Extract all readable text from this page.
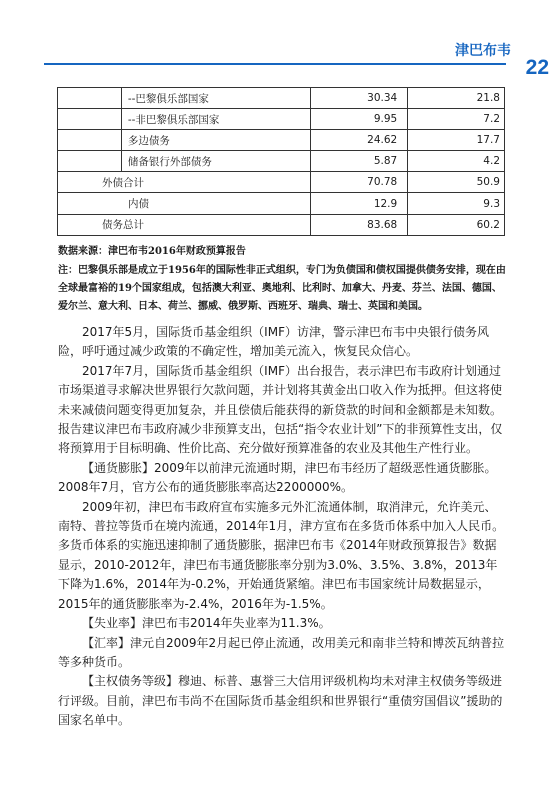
津巴布韦
22
	--巴黎俱乐部国家	30.34	21.8
	--非巴黎俱乐部国家	9.95	7.2
	多边债务	24.62	17.7
	储备银行外部债务	5.87	4.2
外债合计		70.78	50.9
内债		12.9	9.3
债务总计		83.68	60.2
数据来源：津巴布韦2016年财政预算报告
注：巴黎俱乐部是成立于1956年的国际性非正式组织，专门为负债国和债权国提供债务安排，现在由全球最富裕的19个国家组成，包括澳大利亚、奥地利、比利时、加拿大、丹麦、芬兰、法国、德国、爱尔兰、意大利、日本、荷兰、挪威、俄罗斯、西班牙、瑞典、瑞士、英国和美国。

2017年5月，国际货币基金组织（IMF）访津，警示津巴布韦中央银行债务风险，呼吁通过减少政策的不确定性，增加美元流入，恢复民众信心。

2017年7月，国际货币基金组织（IMF）出台报告，表示津巴布韦政府计划通过市场渠道寻求解决世界银行欠款问题，并计划将其黄金出口收入作为抵押。但这将使未来减债问题变得更加复杂，并且偿债后能获得的新贷款的时间和金额都是未知数。报告建议津巴布韦政府减少非预算支出，包括“指令农业计划”下的非预算性支出，仅将预算用于目标明确、性价比高、充分做好预算准备的农业及其他生产性行业。

【通货膨胀】2009年以前津元流通时期，津巴布韦经历了超级恶性通货膨胀。2008年7月，官方公布的通货膨胀率高达2200000%。

2009年初，津巴布韦政府宣布实施多元外汇流通体制，取消津元，允许美元、南特、普拉等货币在境内流通，2014年1月，津方宣布在多货币体系中加入人民币。多货币体系的实施迅速抑制了通货膨胀，据津巴布韦《2014年财政预算报告》数据显示，2010-2012年，津巴布韦通货膨胀率分别为3.0%、3.5%、3.8%，2013年下降为1.6%，2014年为-0.2%，开始通货紧缩。津巴布韦国家统计局数据显示，2015年的通货膨胀率为-2.4%，2016年为-1.5%。

【失业率】津巴布韦2014年失业率为11.3%。

【汇率】津元自2009年2月起已停止流通，改用美元和南非兰特和博茨瓦纳普拉等多种货币。

【主权债务等级】穆迪、标普、惠誉三大信用评级机构均未对津主权债务等级进行评级。目前，津巴布韦尚不在国际货币基金组织和世界银行“重债穷国倡议”援助的国家名单中。
